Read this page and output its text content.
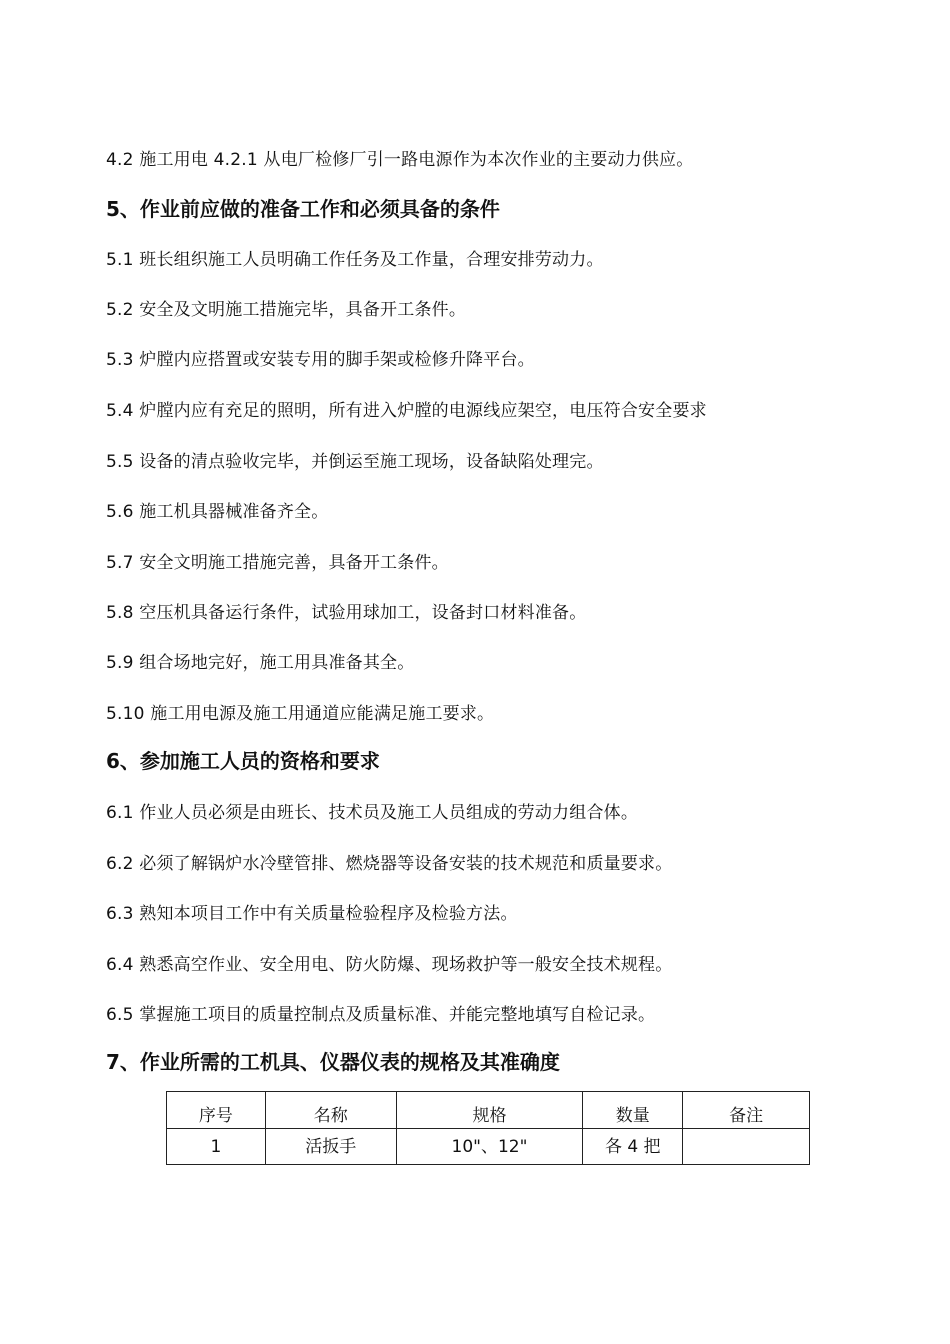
4.2 施工用电 4.2.1 从电厂检修厂引一路电源作为本次作业的主要动力供应。
5、作业前应做的准备工作和必须具备的条件
5.1 班长组织施工人员明确工作任务及工作量，合理安排劳动力。
5.2 安全及文明施工措施完毕，具备开工条件。
5.3 炉膛内应搭置或安装专用的脚手架或检修升降平台。
5.4 炉膛内应有充足的照明，所有进入炉膛的电源线应架空，电压符合安全要求
5.5 设备的清点验收完毕，并倒运至施工现场，设备缺陷处理完。
5.6 施工机具器械准备齐全。
5.7 安全文明施工措施完善，具备开工条件。
5.8 空压机具备运行条件，试验用球加工，设备封口材料准备。
5.9 组合场地完好，施工用具准备其全。
5.10 施工用电源及施工用通道应能满足施工要求。
6、参加施工人员的资格和要求
6.1 作业人员必须是由班长、技术员及施工人员组成的劳动力组合体。
6.2 必须了解锅炉水冷壁管排、燃烧器等设备安装的技术规范和质量要求。
6.3 熟知本项目工作中有关质量检验程序及检验方法。
6.4 熟悉高空作业、安全用电、防火防爆、现场救护等一般安全技术规程。
6.5 掌握施工项目的质量控制点及质量标准、并能完整地填写自检记录。
7、作业所需的工机具、仪器仪表的规格及其准确度
序号	名称	规格	数量	备注
1	活扳手	10"、12"	各 4 把	
